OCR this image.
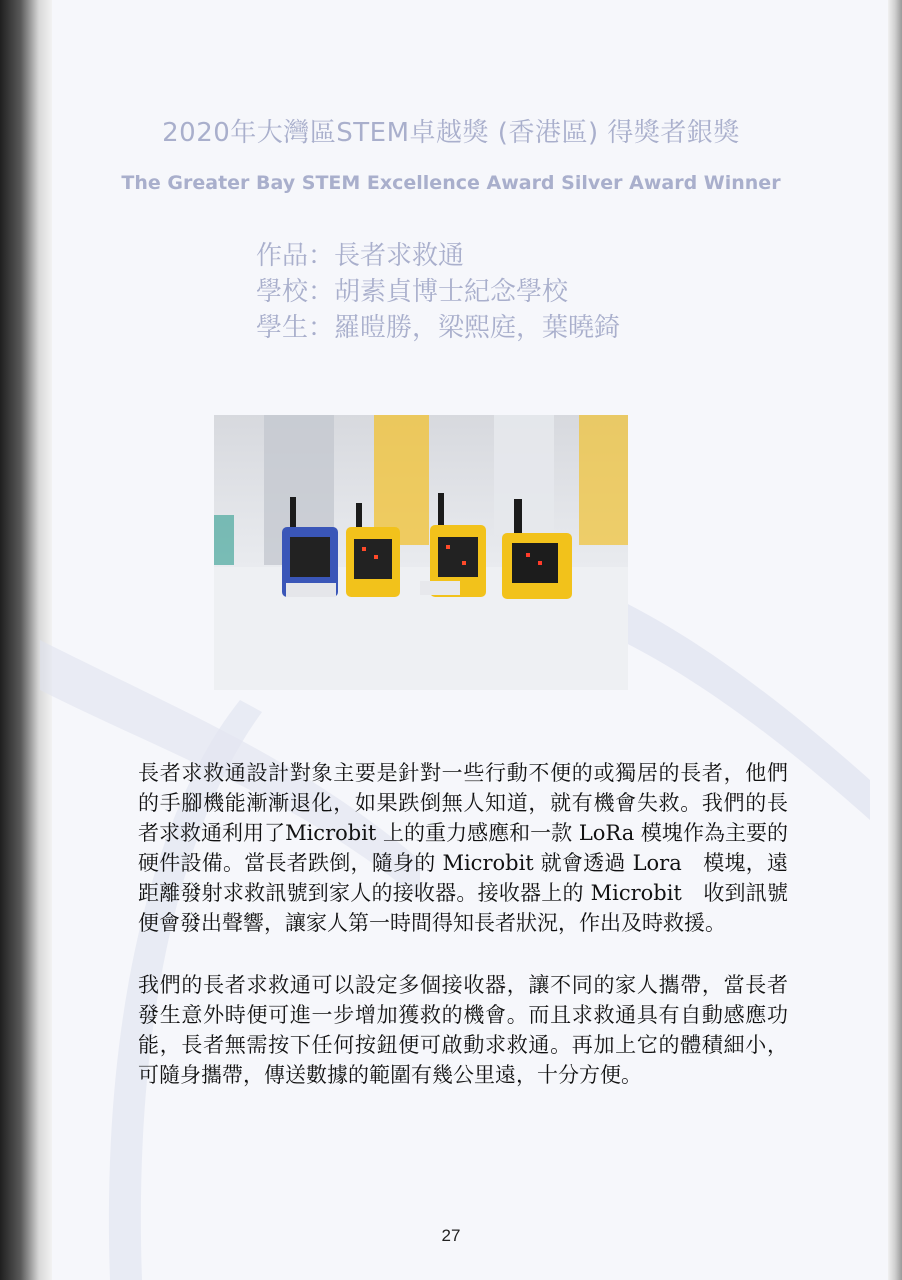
2020年大灣區STEM卓越獎 (香港區) 得獎者銀獎
The Greater Bay STEM Excellence Award Silver Award Winner
作品：長者求救通
學校：胡素貞博士紀念學校
學生：羅暟勝，梁熙庭，葉曉錡
長者求救通設計對象主要是針對一些行動不便的或獨居的長者，他們的手腳機能漸漸退化，如果跌倒無人知道，就有機會失救。我們的長者求救通利用了Microbit 上的重力感應和一款 LoRa 模塊作為主要的硬件設備。當長者跌倒，隨身的 Microbit 就會透過 Lora　模塊，遠距離發射求救訊號到家人的接收器。接收器上的 Microbit　收到訊號便會發出聲響，讓家人第一時間得知長者狀況，作出及時救援。
我們的長者求救通可以設定多個接收器，讓不同的家人攜帶，當長者發生意外時便可進一步增加獲救的機會。而且求救通具有自動感應功能，長者無需按下任何按鈕便可啟動求救通。再加上它的體積細小，可隨身攜帶，傳送數據的範圍有幾公里遠，十分方便。
27
